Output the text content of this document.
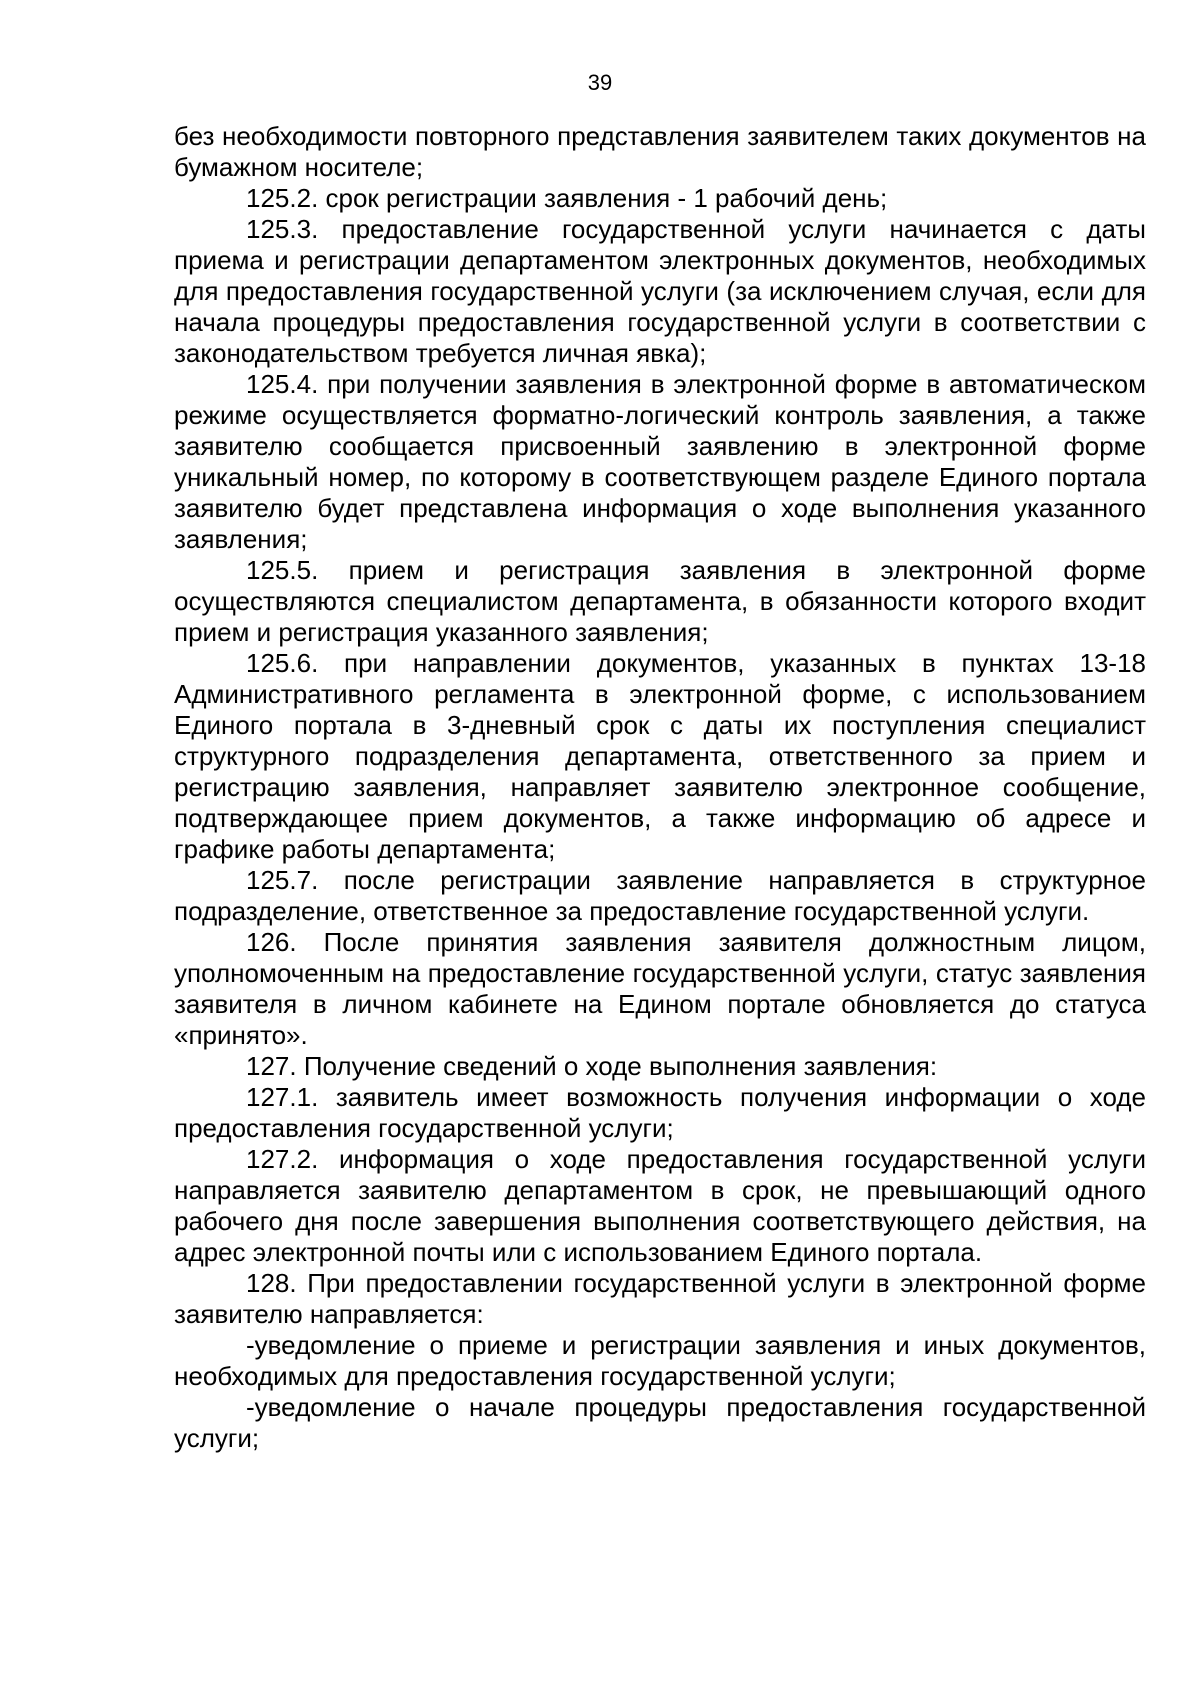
39

без необходимости повторного представления заявителем таких документов на бумажном носителе;

125.2. срок регистрации заявления - 1 рабочий день;

125.3. предоставление государственной услуги начинается с даты приема и регистрации департаментом электронных документов, необходимых для предоставления государственной услуги (за исключением случая, если для начала процедуры предоставления государственной услуги в соответствии с законодательством требуется личная явка);

125.4. при получении заявления в электронной форме в автоматическом режиме осуществляется форматно-логический контроль заявления, а также заявителю сообщается присвоенный заявлению в электронной форме уникальный номер, по которому в соответствующем разделе Единого портала заявителю будет представлена информация о ходе выполнения указанного заявления;

125.5. прием и регистрация заявления в электронной форме осуществляются специалистом департамента, в обязанности которого входит прием и регистрация указанного заявления;

125.6. при направлении документов, указанных в пунктах 13-18 Административного регламента в электронной форме, с использованием Единого портала в 3-дневный срок с даты их поступления специалист структурного подразделения департамента, ответственного за прием и регистрацию заявления, направляет заявителю электронное сообщение, подтверждающее прием документов, а также информацию об адресе и графике работы департамента;

125.7. после регистрации заявление направляется в структурное подразделение, ответственное за предоставление государственной услуги.

126. После принятия заявления заявителя должностным лицом, уполномоченным на предоставление государственной услуги, статус заявления заявителя в личном кабинете на Едином портале обновляется до статуса «принято».

127. Получение сведений о ходе выполнения заявления:

127.1. заявитель имеет возможность получения информации о ходе предоставления государственной услуги;

127.2. информация о ходе предоставления государственной услуги направляется заявителю департаментом в срок, не превышающий одного рабочего дня после завершения выполнения соответствующего действия, на адрес электронной почты или с использованием Единого портала.

128. При предоставлении государственной услуги в электронной форме заявителю направляется:

-уведомление о приеме и регистрации заявления и иных документов, необходимых для предоставления государственной услуги;

-уведомление о начале процедуры предоставления государственной услуги;
